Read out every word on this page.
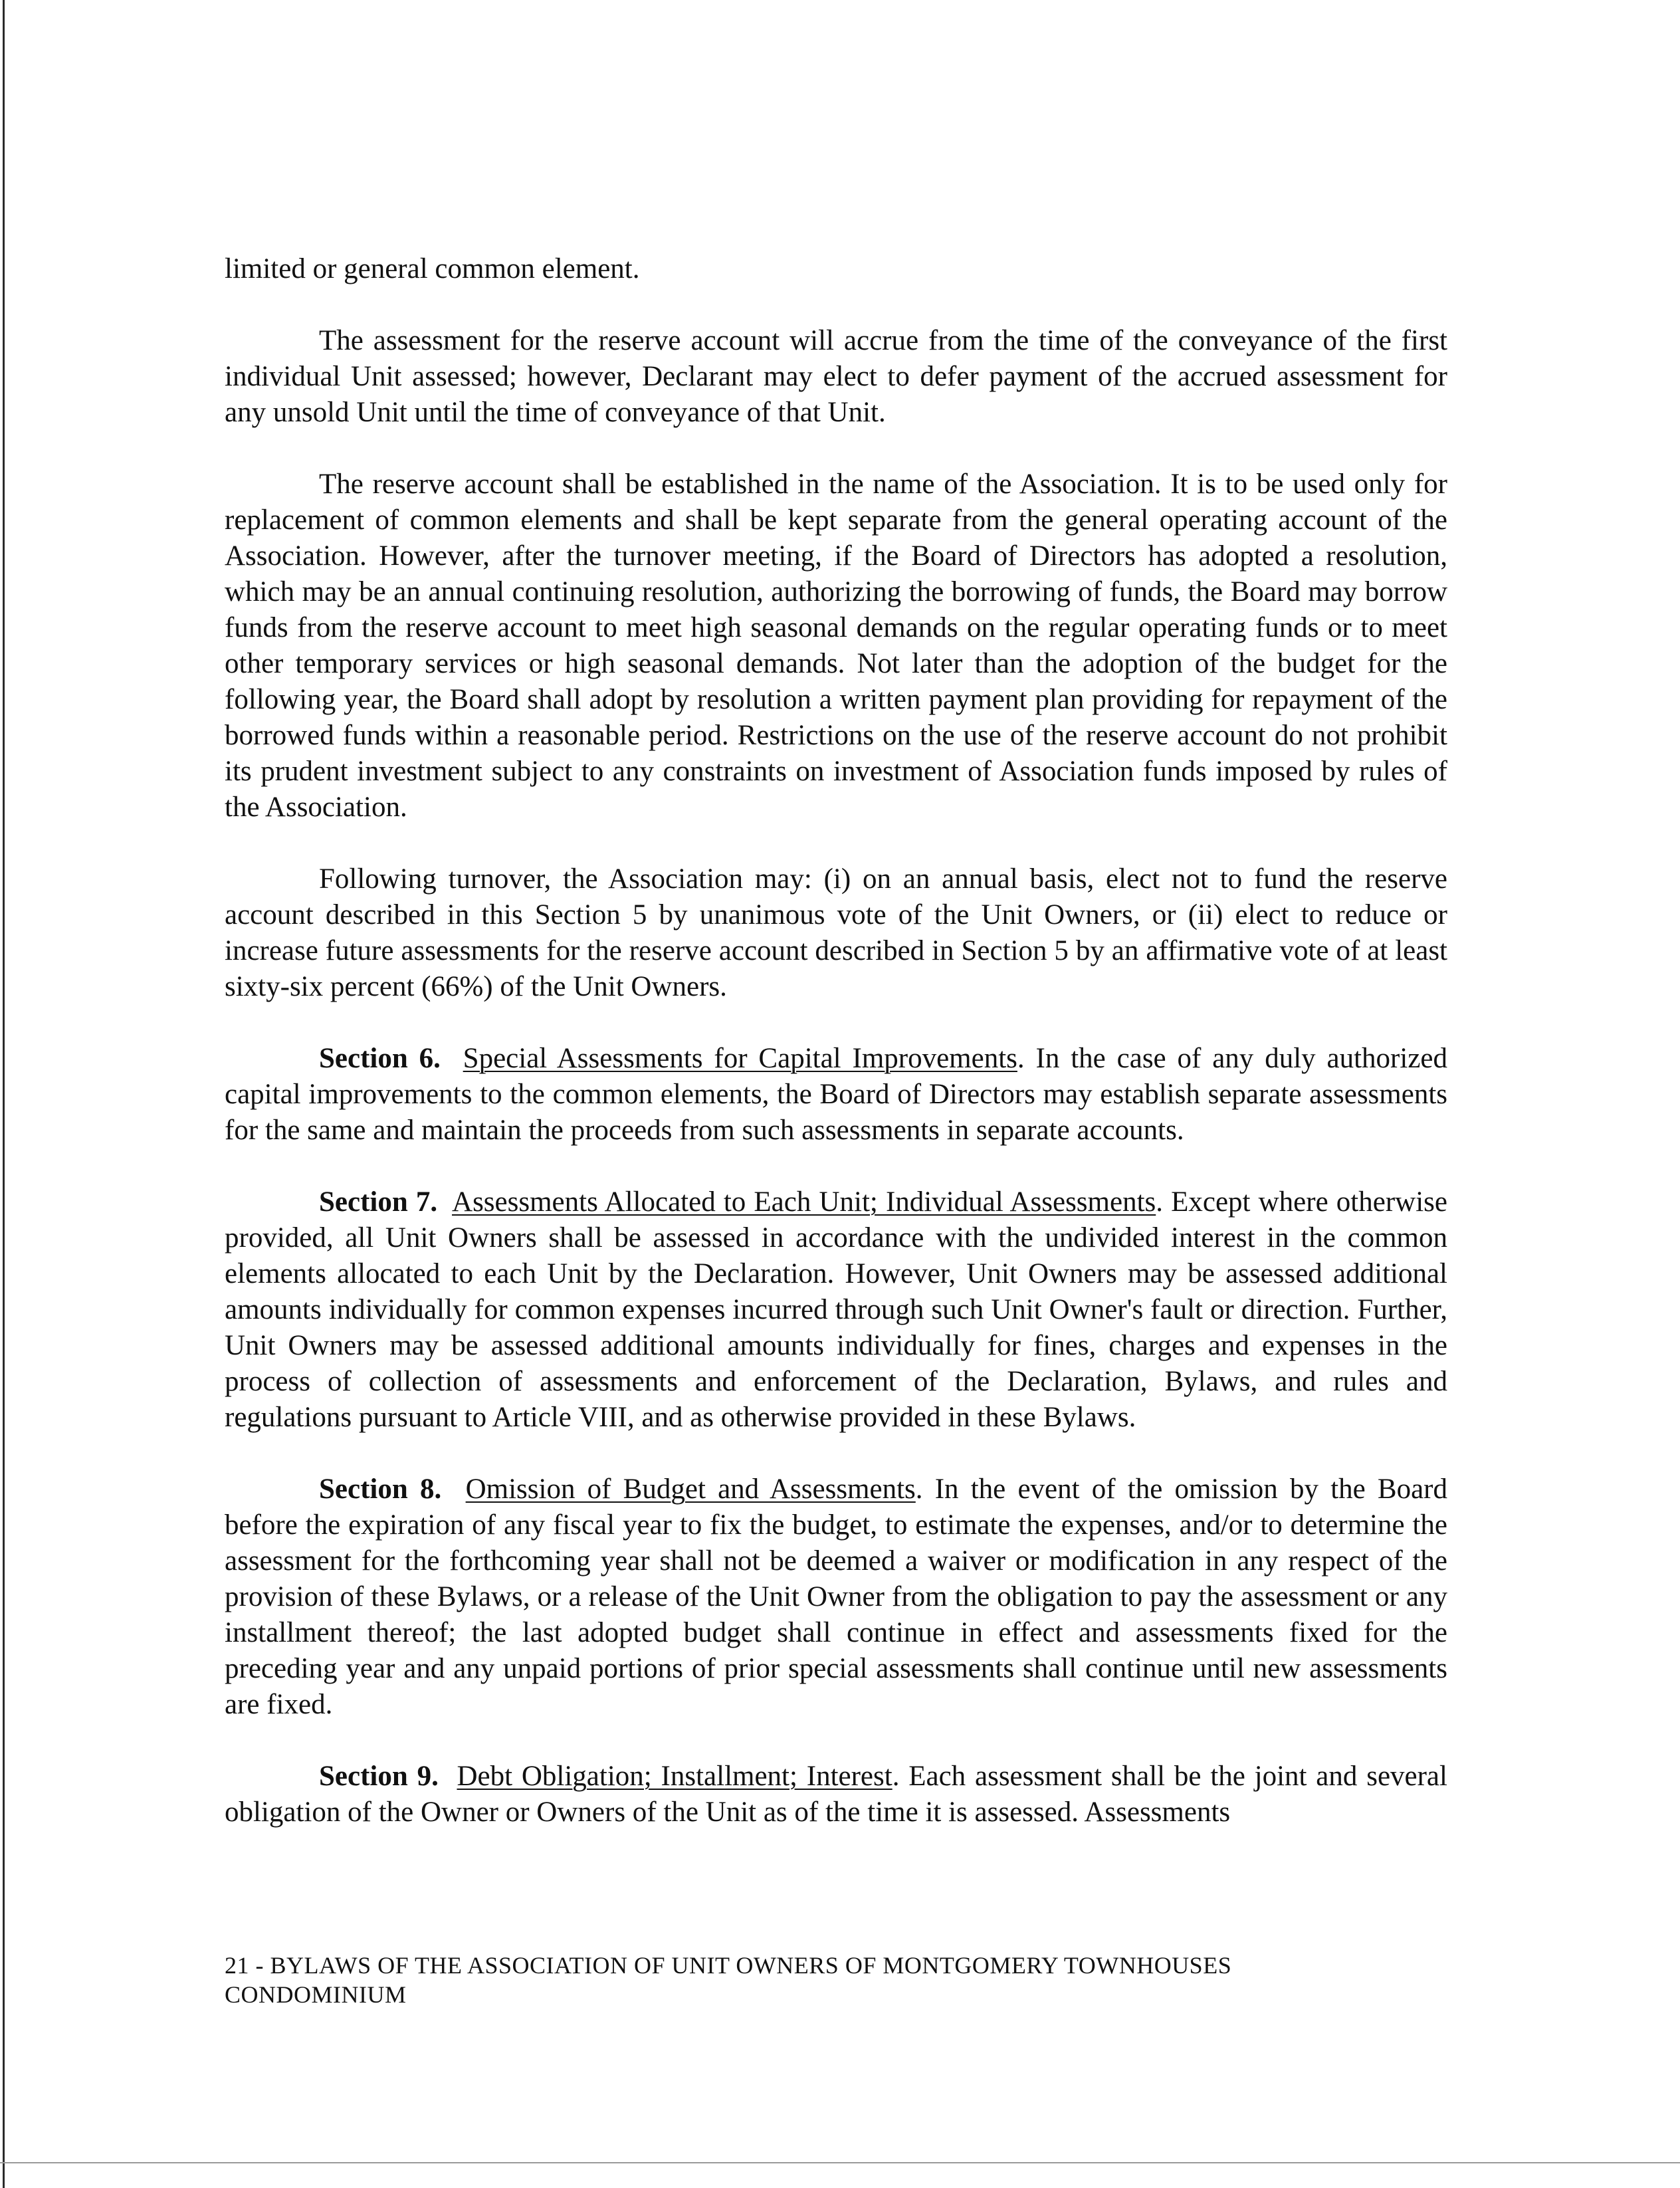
limited or general common element.

The assessment for the reserve account will accrue from the time of the conveyance of the first individual Unit assessed; however, Declarant may elect to defer payment of the accrued assessment for any unsold Unit until the time of conveyance of that Unit.

The reserve account shall be established in the name of the Association. It is to be used only for replacement of common elements and shall be kept separate from the general operating account of the Association. However, after the turnover meeting, if the Board of Directors has adopted a resolution, which may be an annual continuing resolution, authorizing the borrowing of funds, the Board may borrow funds from the reserve account to meet high seasonal demands on the regular operating funds or to meet other temporary services or high seasonal demands. Not later than the adoption of the budget for the following year, the Board shall adopt by resolution a written payment plan providing for repayment of the borrowed funds within a reasonable period. Restrictions on the use of the reserve account do not prohibit its prudent investment subject to any constraints on investment of Association funds imposed by rules of the Association.

Following turnover, the Association may: (i) on an annual basis, elect not to fund the reserve account described in this Section 5 by unanimous vote of the Unit Owners, or (ii) elect to reduce or increase future assessments for the reserve account described in Section 5 by an affirmative vote of at least sixty-six percent (66%) of the Unit Owners.

Section 6. Special Assessments for Capital Improvements. In the case of any duly authorized capital improvements to the common elements, the Board of Directors may establish separate assessments for the same and maintain the proceeds from such assessments in separate accounts.

Section 7. Assessments Allocated to Each Unit; Individual Assessments. Except where otherwise provided, all Unit Owners shall be assessed in accordance with the undivided interest in the common elements allocated to each Unit by the Declaration. However, Unit Owners may be assessed additional amounts individually for common expenses incurred through such Unit Owner's fault or direction. Further, Unit Owners may be assessed additional amounts individually for fines, charges and expenses in the process of collection of assessments and enforcement of the Declaration, Bylaws, and rules and regulations pursuant to Article VIII, and as otherwise provided in these Bylaws.

Section 8. Omission of Budget and Assessments. In the event of the omission by the Board before the expiration of any fiscal year to fix the budget, to estimate the expenses, and/or to determine the assessment for the forthcoming year shall not be deemed a waiver or modification in any respect of the provision of these Bylaws, or a release of the Unit Owner from the obligation to pay the assessment or any installment thereof; the last adopted budget shall continue in effect and assessments fixed for the preceding year and any unpaid portions of prior special assessments shall continue until new assessments are fixed.

Section 9. Debt Obligation; Installment; Interest. Each assessment shall be the joint and several obligation of the Owner or Owners of the Unit as of the time it is assessed. Assessments

21 - BYLAWS OF THE ASSOCIATION OF UNIT OWNERS OF MONTGOMERY TOWNHOUSES
CONDOMINIUM
